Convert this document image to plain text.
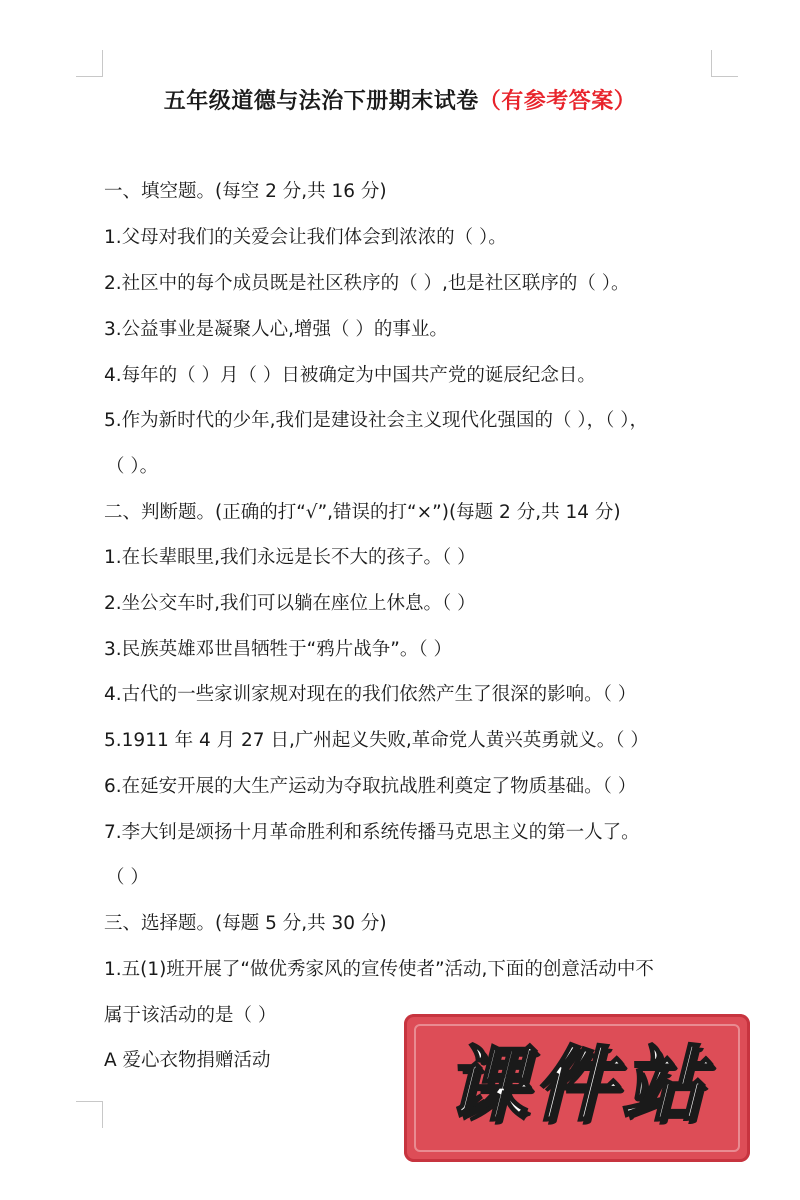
五年级道德与法治下册期末试卷（有参考答案）
一、填空题。(每空 2 分,共 16 分)
1.父母对我们的关爱会让我们体会到浓浓的（ ）。
2.社区中的每个成员既是社区秩序的（ ）,也是社区联序的（ ）。
3.公益事业是凝聚人心,增强（ ）的事业。
4.每年的（ ）月（ ）日被确定为中国共产党的诞辰纪念日。
5.作为新时代的少年,我们是建设社会主义现代化强国的（ ），（ ），
（ ）。
二、判断题。(正确的打“√”,错误的打“×”)(每题 2 分,共 14 分)
1.在长辈眼里,我们永远是长不大的孩子。（ ）
2.坐公交车时,我们可以躺在座位上休息。（ ）
3.民族英雄邓世昌牺牲于“鸦片战争”。（ ）
4.古代的一些家训家规对现在的我们依然产生了很深的影响。（ ）
5.1911 年 4 月 27 日,广州起义失败,革命党人黄兴英勇就义。（ ）
6.在延安开展的大生产运动为夺取抗战胜利奠定了物质基础。（ ）
7.李大钊是颂扬十月革命胜利和系统传播马克思主义的第一人了。
（ ）
三、选择题。(每题 5 分,共 30 分)
1.五(1)班开展了“做优秀家风的宣传使者”活动,下面的创意活动中不
属于该活动的是（ ）
A 爱心衣物捐赠活动	课件站
